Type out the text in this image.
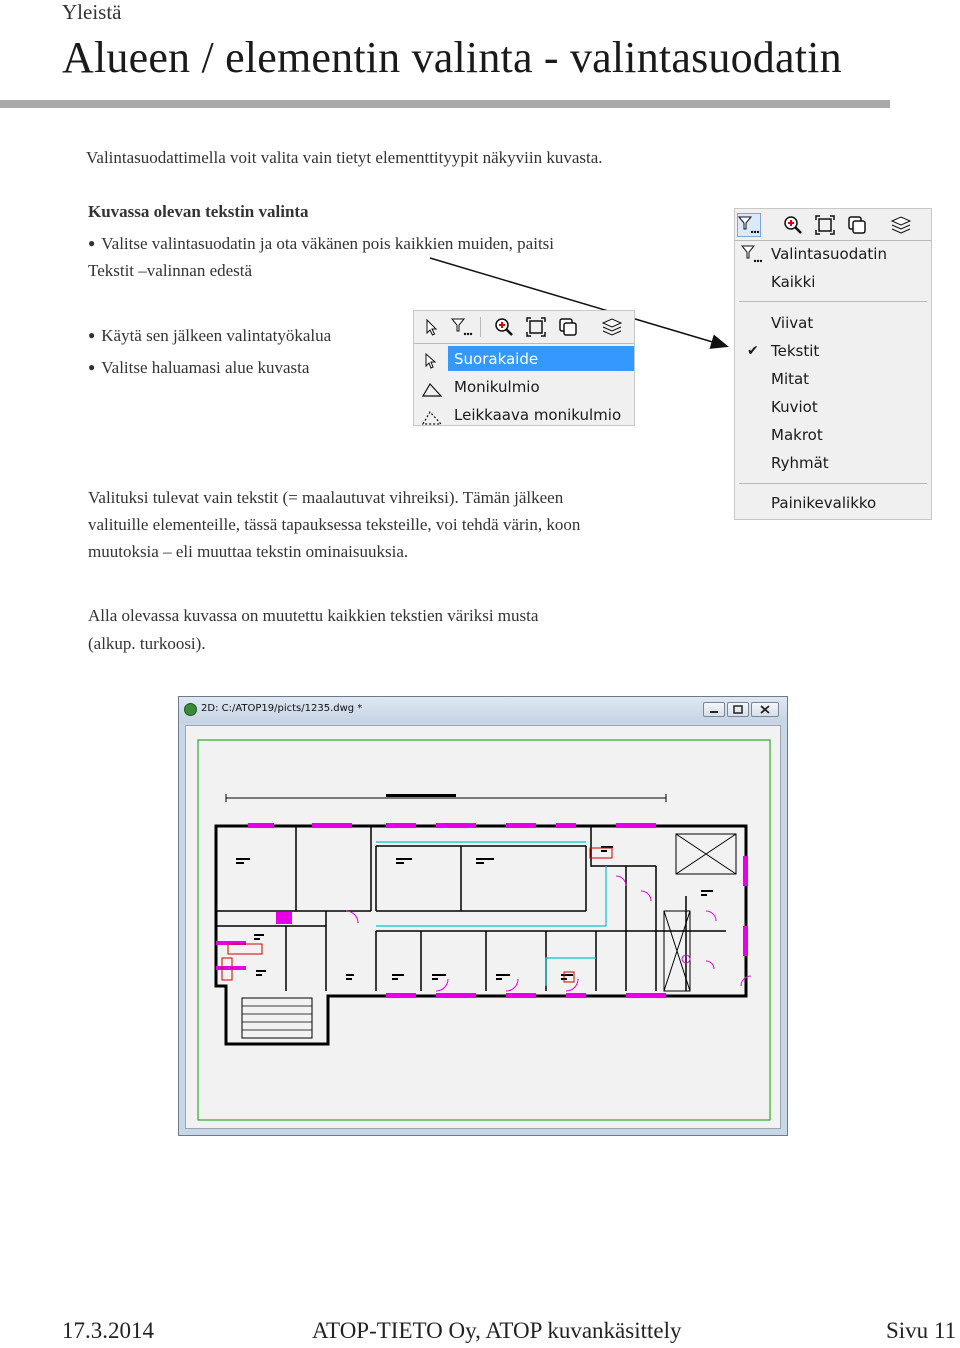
Yleistä
Alueen / elementin valinta - valintasuodatin
Valintasuodattimella voit valita vain tietyt elementtityypit näkyviin kuvasta.
Kuvassa olevan tekstin valinta
● Valitse valintasuodatin ja ota väkänen pois kaikkien muiden, paitsi
Tekstit –valinnan edestä
● Käytä sen jälkeen valintatyökalua
● Valitse haluamasi alue kuvasta	Suorakaide
Monikulmio
Leikkaava monikulmio
Valintasuodatin
Kaikki
Viivat
✔ Tekstit
Mitat
Kuviot
Makrot
Ryhmät
Painikevalikko
Valituksi tulevat vain tekstit (= maalautuvat vihreiksi). Tämän jälkeen
valituille elementeille, tässä tapauksessa teksteille, voi tehdä värin, koon
muutoksia – eli muuttaa tekstin ominaisuuksia.
Alla olevassa kuvassa on muutettu kaikkien tekstien väriksi musta
(alkup. turkoosi).
2D: C:/ATOP19/picts/1235.dwg *
17.3.2014	ATOP-TIETO Oy, ATOP kuvankäsittely	Sivu 11
